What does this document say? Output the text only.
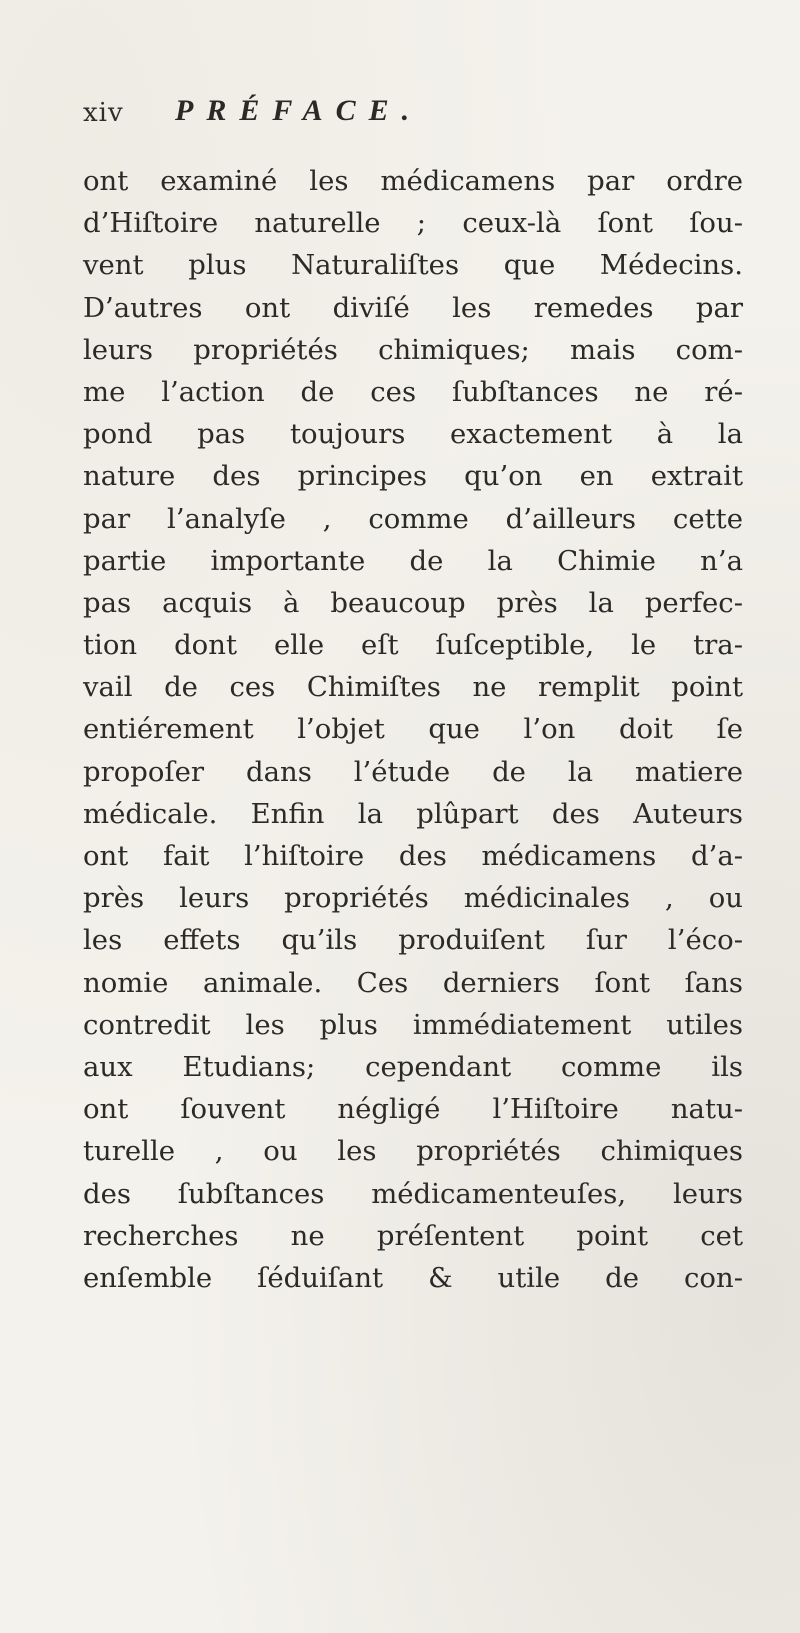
xiv PRÉFACE.
ont examiné les médicamens par ordre
d’Hiſtoire naturelle ; ceux-là ſont ſou-
vent plus Naturaliſtes que Médecins.
D’autres ont diviſé les remedes par
leurs propriétés chimiques; mais com-
me l’action de ces ſubſtances ne ré-
pond pas toujours exactement à la
nature des principes qu’on en extrait
par l’analyſe , comme d’ailleurs cette
partie importante de la Chimie n’a
pas acquis à beaucoup près la perfec-
tion dont elle eſt ſuſceptible, le tra-
vail de ces Chimiſtes ne remplit point
entiérement l’objet que l’on doit ſe
propoſer dans l’étude de la matiere
médicale. Enfin la plûpart des Auteurs
ont fait l’hiſtoire des médicamens d’a-
près leurs propriétés médicinales , ou
les effets qu’ils produiſent ſur l’éco-
nomie animale. Ces derniers ſont ſans
contredit les plus immédiatement utiles
aux Etudians; cependant comme ils
ont ſouvent négligé l’Hiſtoire natu-
turelle , ou les propriétés chimiques
des ſubſtances médicamenteuſes, leurs
recherches ne préſentent point cet
enſemble ſéduiſant & utile de con-
